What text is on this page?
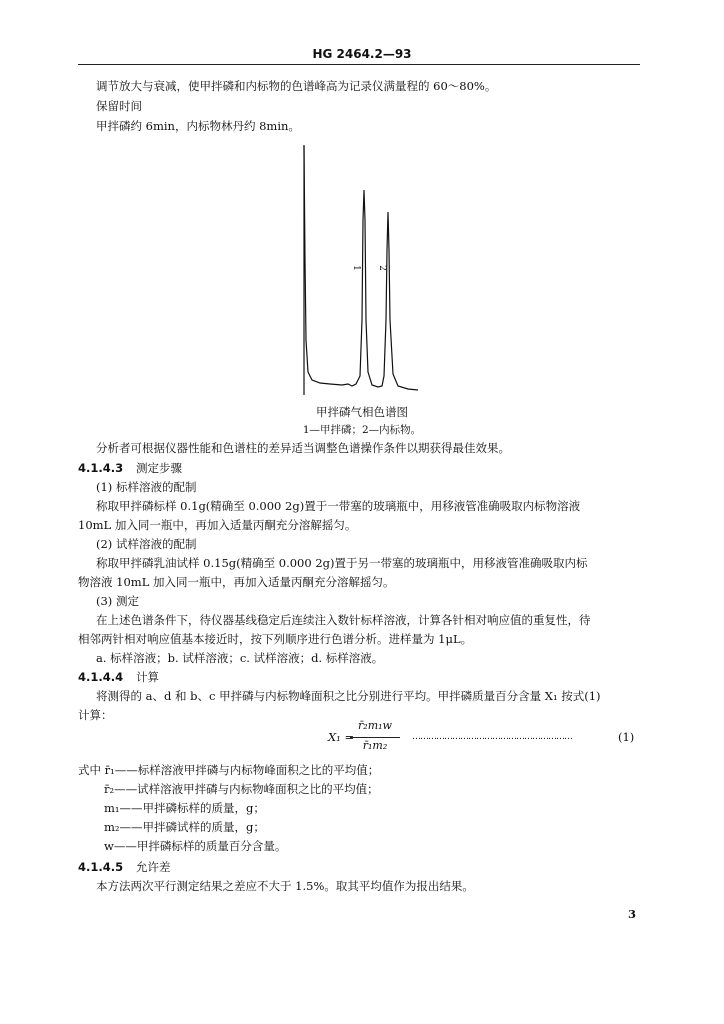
HG 2464.2—93
调节放大与衰减，使甲拌磷和内标物的色谱峰高为记录仪满量程的 60～80%。
保留时间
甲拌磷约 6min，内标物林丹约 8min。
1 2
甲拌磷气相色谱图
1—甲拌磷；2—内标物。
分析者可根据仪器性能和色谱柱的差异适当调整色谱操作条件以期获得最佳效果。
4.1.4.3 测定步骤
(1) 标样溶液的配制
称取甲拌磷标样 0.1g(精确至 0.000 2g)置于一带塞的玻璃瓶中，用移液管准确吸取内标物溶液
10mL 加入同一瓶中，再加入适量丙酮充分溶解摇匀。
(2) 试样溶液的配制
称取甲拌磷乳油试样 0.15g(精确至 0.000 2g)置于另一带塞的玻璃瓶中，用移液管准确吸取内标
物溶液 10mL 加入同一瓶中，再加入适量丙酮充分溶解摇匀。
(3) 测定
在上述色谱条件下，待仪器基线稳定后连续注入数针标样溶液，计算各针相对响应值的重复性，待
相邻两针相对响应值基本接近时，按下列顺序进行色谱分析。进样量为 1μL。
a. 标样溶液；b. 试样溶液；c. 试样溶液；d. 标样溶液。
4.1.4.4 计算
将测得的 a、d 和 b、c 甲拌磷与内标物峰面积之比分别进行平均。甲拌磷质量百分含量 X₁ 按式(1)
计算：
X₁ =
r̄₂m₁w
r̄₁m₂
……………………………………………………	(1)
式中 r̄₁——标样溶液甲拌磷与内标物峰面积之比的平均值；
r̄₂——试样溶液甲拌磷与内标物峰面积之比的平均值；
m₁——甲拌磷标样的质量，g；
m₂——甲拌磷试样的质量，g；
w——甲拌磷标样的质量百分含量。
4.1.4.5 允许差
本方法两次平行测定结果之差应不大于 1.5%。取其平均值作为报出结果。
3
